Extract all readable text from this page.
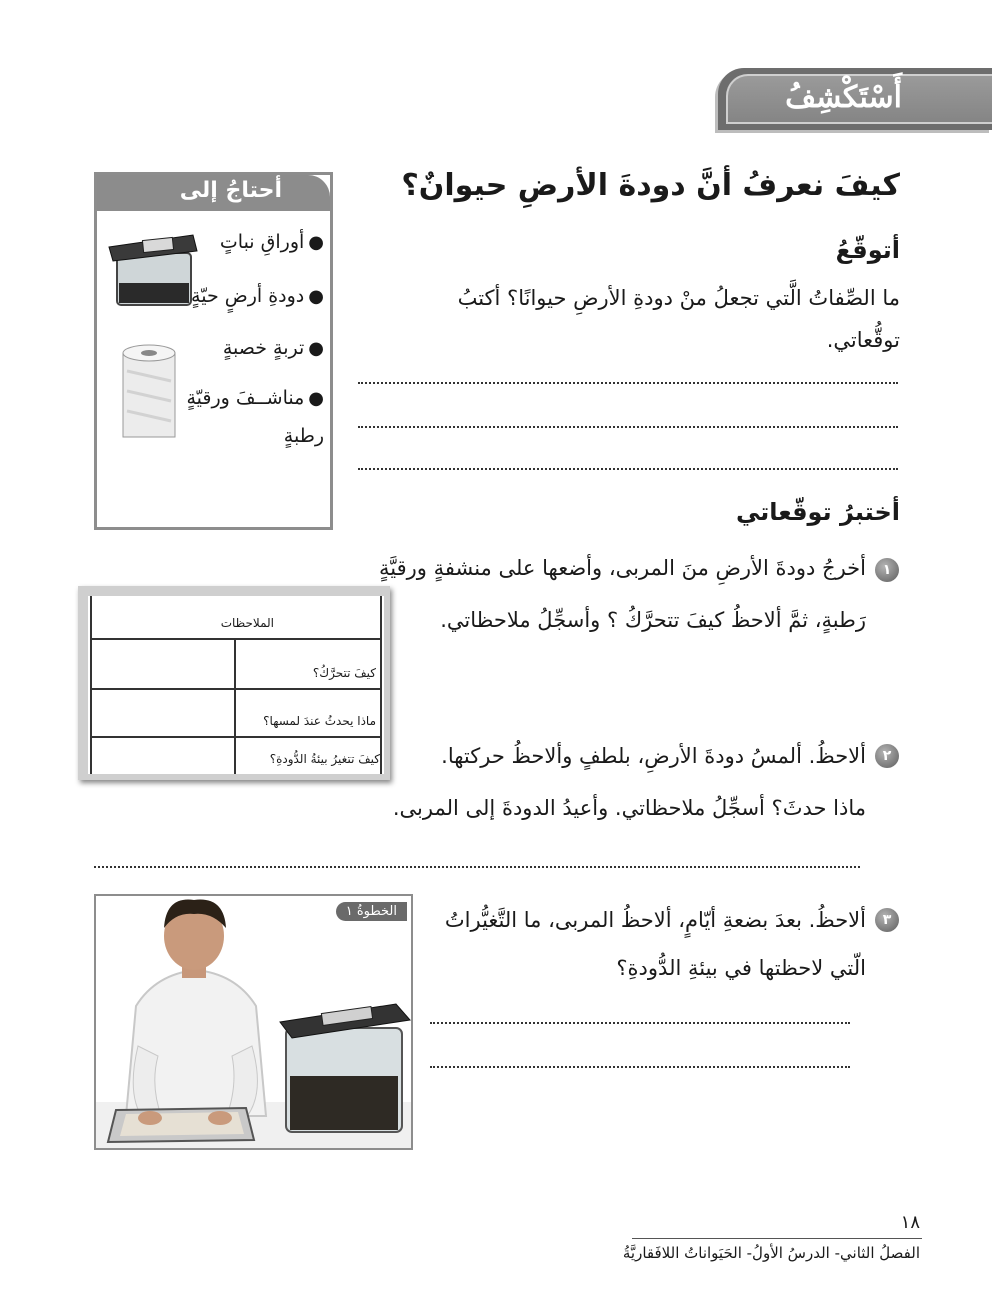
أَسْتَكْشِفُ
كيفَ نعرفُ أنَّ دودةَ الأرضِ حيوانٌ؟
أتوقّعُ
ما الصِّفاتُ الَّتي تجعلُ منْ دودةِ الأرضِ حيوانًا؟ أكتبُ
توقُّعاتي.
أحتاجُ إلى
●أوراقِ نباتٍ
●دودةِ أرضٍ حيّةٍ
●تربةٍ خصبةٍ
●مناشــفَ ورقيّةٍ
رطبةٍ
أختبرُ توقّعاتي
١
أخرجُ دودةَ الأرضِ منَ المربى، وأضعها على منشفةٍ ورقيَّةٍ
رَطبةٍ، ثمَّ ألاحظُ كيفَ تتحرَّكُ ؟ وأسجِّلُ ملاحظاتي.
الملاحظات
كيفَ تتحرَّكُ؟
ماذا يحدثُ عندَ لمسها؟
كيفَ تتغيرُ بيئةُ الدُّودةِ؟	٢
ألاحظُ. ألمسُ دودةَ الأرضِ، بلطفٍ وألاحظُ حركتها.
ماذا حدثَ؟ أسجِّلُ ملاحظاتي. وأعيدُ الدودةَ إلى المربى.
الخطوةُ ١
٣
ألاحظُ. بعدَ بضعةِ أيّامٍ، ألاحظُ المربى، ما التَّغيُّراتُ
الّتي لاحظتها في بيئةِ الدُّودةِ؟
١٨
الفصلُ الثاني- الدرسُ الأولُ- الحَيَواناتُ اللافَقاريَّةُ
